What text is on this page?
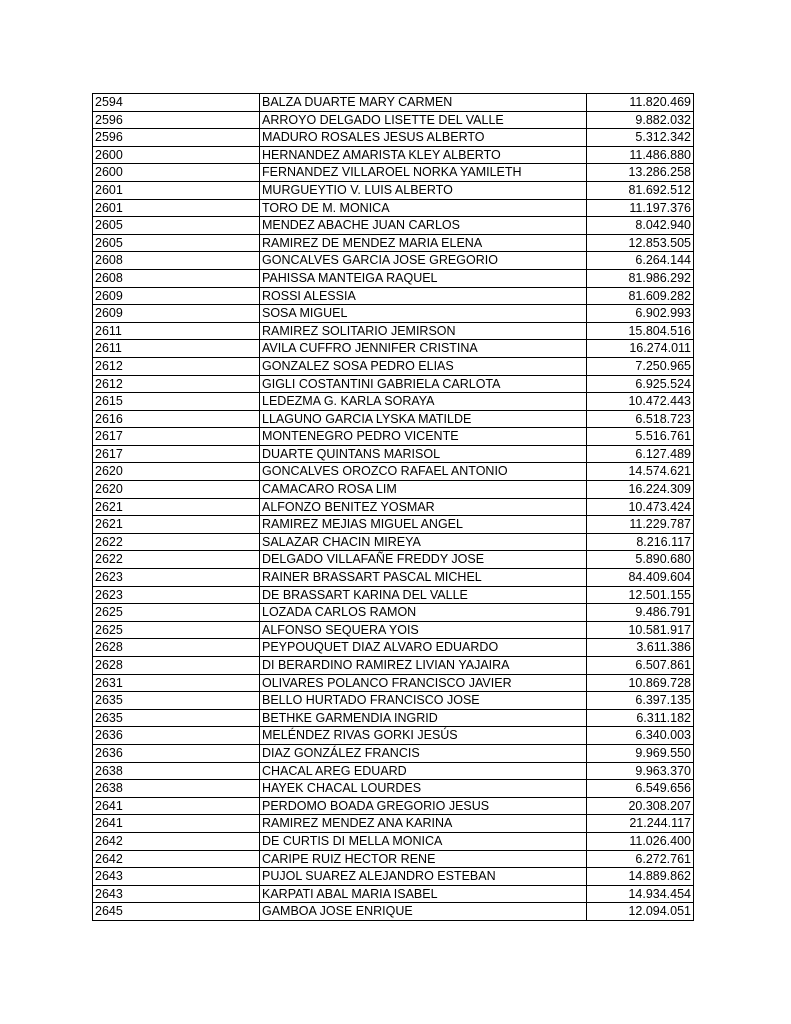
2594	BALZA DUARTE MARY CARMEN	11.820.469
2596	ARROYO DELGADO LISETTE DEL VALLE	9.882.032
2596	MADURO ROSALES JESUS ALBERTO	5.312.342
2600	HERNANDEZ AMARISTA KLEY ALBERTO	11.486.880
2600	FERNANDEZ VILLAROEL NORKA YAMILETH	13.286.258
2601	MURGUEYTIO V. LUIS ALBERTO	81.692.512
2601	TORO DE M. MONICA	11.197.376
2605	MENDEZ ABACHE JUAN CARLOS	8.042.940
2605	RAMIREZ DE MENDEZ MARIA ELENA	12.853.505
2608	GONCALVES GARCIA JOSE GREGORIO	6.264.144
2608	PAHISSA MANTEIGA RAQUEL	81.986.292
2609	ROSSI ALESSIA	81.609.282
2609	SOSA MIGUEL	6.902.993
2611	RAMIREZ SOLITARIO JEMIRSON	15.804.516
2611	AVILA CUFFRO JENNIFER CRISTINA	16.274.011
2612	GONZALEZ SOSA PEDRO ELIAS	7.250.965
2612	GIGLI COSTANTINI GABRIELA CARLOTA	6.925.524
2615	LEDEZMA G. KARLA SORAYA	10.472.443
2616	LLAGUNO GARCIA LYSKA MATILDE	6.518.723
2617	MONTENEGRO PEDRO VICENTE	5.516.761
2617	DUARTE QUINTANS MARISOL	6.127.489
2620	GONCALVES OROZCO RAFAEL ANTONIO	14.574.621
2620	CAMACARO ROSA LIM	16.224.309
2621	ALFONZO BENITEZ YOSMAR	10.473.424
2621	RAMIREZ MEJIAS MIGUEL ANGEL	11.229.787
2622	SALAZAR CHACIN MIREYA	8.216.117
2622	DELGADO VILLAFAÑE FREDDY JOSE	5.890.680
2623	RAINER BRASSART PASCAL MICHEL	84.409.604
2623	DE BRASSART KARINA DEL VALLE	12.501.155
2625	LOZADA CARLOS RAMON	9.486.791
2625	ALFONSO SEQUERA YOIS	10.581.917
2628	PEYPOUQUET DIAZ ALVARO EDUARDO	3.611.386
2628	DI BERARDINO RAMIREZ LIVIAN YAJAIRA	6.507.861
2631	OLIVARES POLANCO FRANCISCO JAVIER	10.869.728
2635	BELLO HURTADO FRANCISCO JOSE	6.397.135
2635	BETHKE GARMENDIA INGRID	6.311.182
2636	MELÉNDEZ RIVAS GORKI JESÚS	6.340.003
2636	DIAZ GONZÁLEZ FRANCIS	9.969.550
2638	CHACAL AREG EDUARD	9.963.370
2638	HAYEK CHACAL LOURDES	6.549.656
2641	PERDOMO BOADA GREGORIO JESUS	20.308.207
2641	RAMIREZ MENDEZ ANA KARINA	21.244.117
2642	DE CURTIS DI MELLA MONICA	11.026.400
2642	CARIPE RUIZ HECTOR RENE	6.272.761
2643	PUJOL SUAREZ ALEJANDRO ESTEBAN	14.889.862
2643	KARPATI ABAL MARIA ISABEL	14.934.454
2645	GAMBOA JOSE ENRIQUE	12.094.051
